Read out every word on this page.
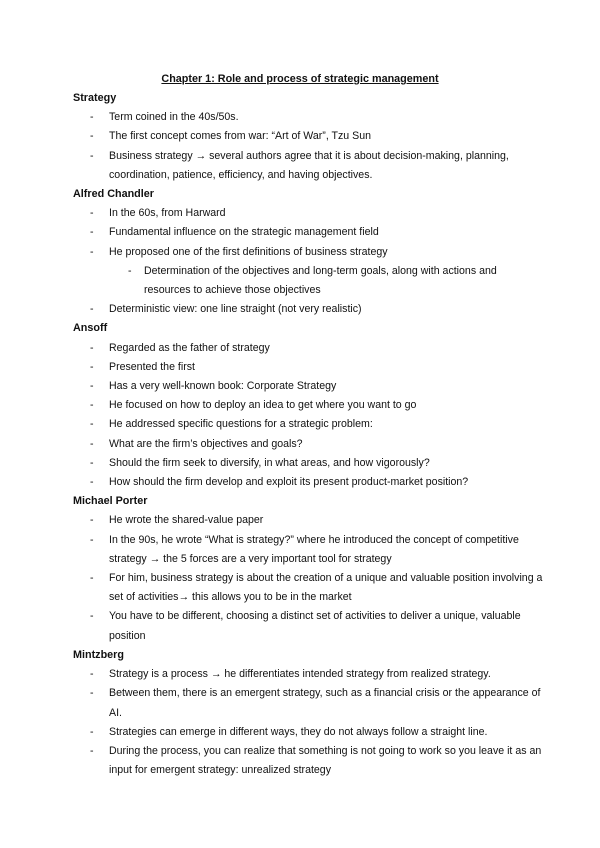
Chapter 1: Role and process of strategic management
Strategy
- Term coined in the 40s/50s.
- The first concept comes from war: “Art of War”, Tzu Sun
- Business strategy → several authors agree that it is about decision-making, planning, coordination, patience, efficiency, and having objectives.
Alfred Chandler
- In the 60s, from Harward
- Fundamental influence on the strategic management field
- He proposed one of the first definitions of business strategy
- Determination of the objectives and long-term goals, along with actions and resources to achieve those objectives
- Deterministic view: one line straight (not very realistic)
Ansoff
- Regarded as the father of strategy
- Presented the first
- Has a very well-known book: Corporate Strategy
- He focused on how to deploy an idea to get where you want to go
- He addressed specific questions for a strategic problem:
- What are the firm’s objectives and goals?
- Should the firm seek to diversify, in what areas, and how vigorously?
- How should the firm develop and exploit its present product-market position?
Michael Porter
- He wrote the shared-value paper
- In the 90s, he wrote “What is strategy?” where he introduced the concept of competitive strategy → the 5 forces are a very important tool for strategy
- For him, business strategy is about the creation of a unique and valuable position involving a set of activities→ this allows you to be in the market
- You have to be different, choosing a distinct set of activities to deliver a unique, valuable position
Mintzberg
- Strategy is a process → he differentiates intended strategy from realized strategy.
- Between them, there is an emergent strategy, such as a financial crisis or the appearance of AI.
- Strategies can emerge in different ways, they do not always follow a straight line.
- During the process, you can realize that something is not going to work so you leave it as an input for emergent strategy: unrealized strategy
